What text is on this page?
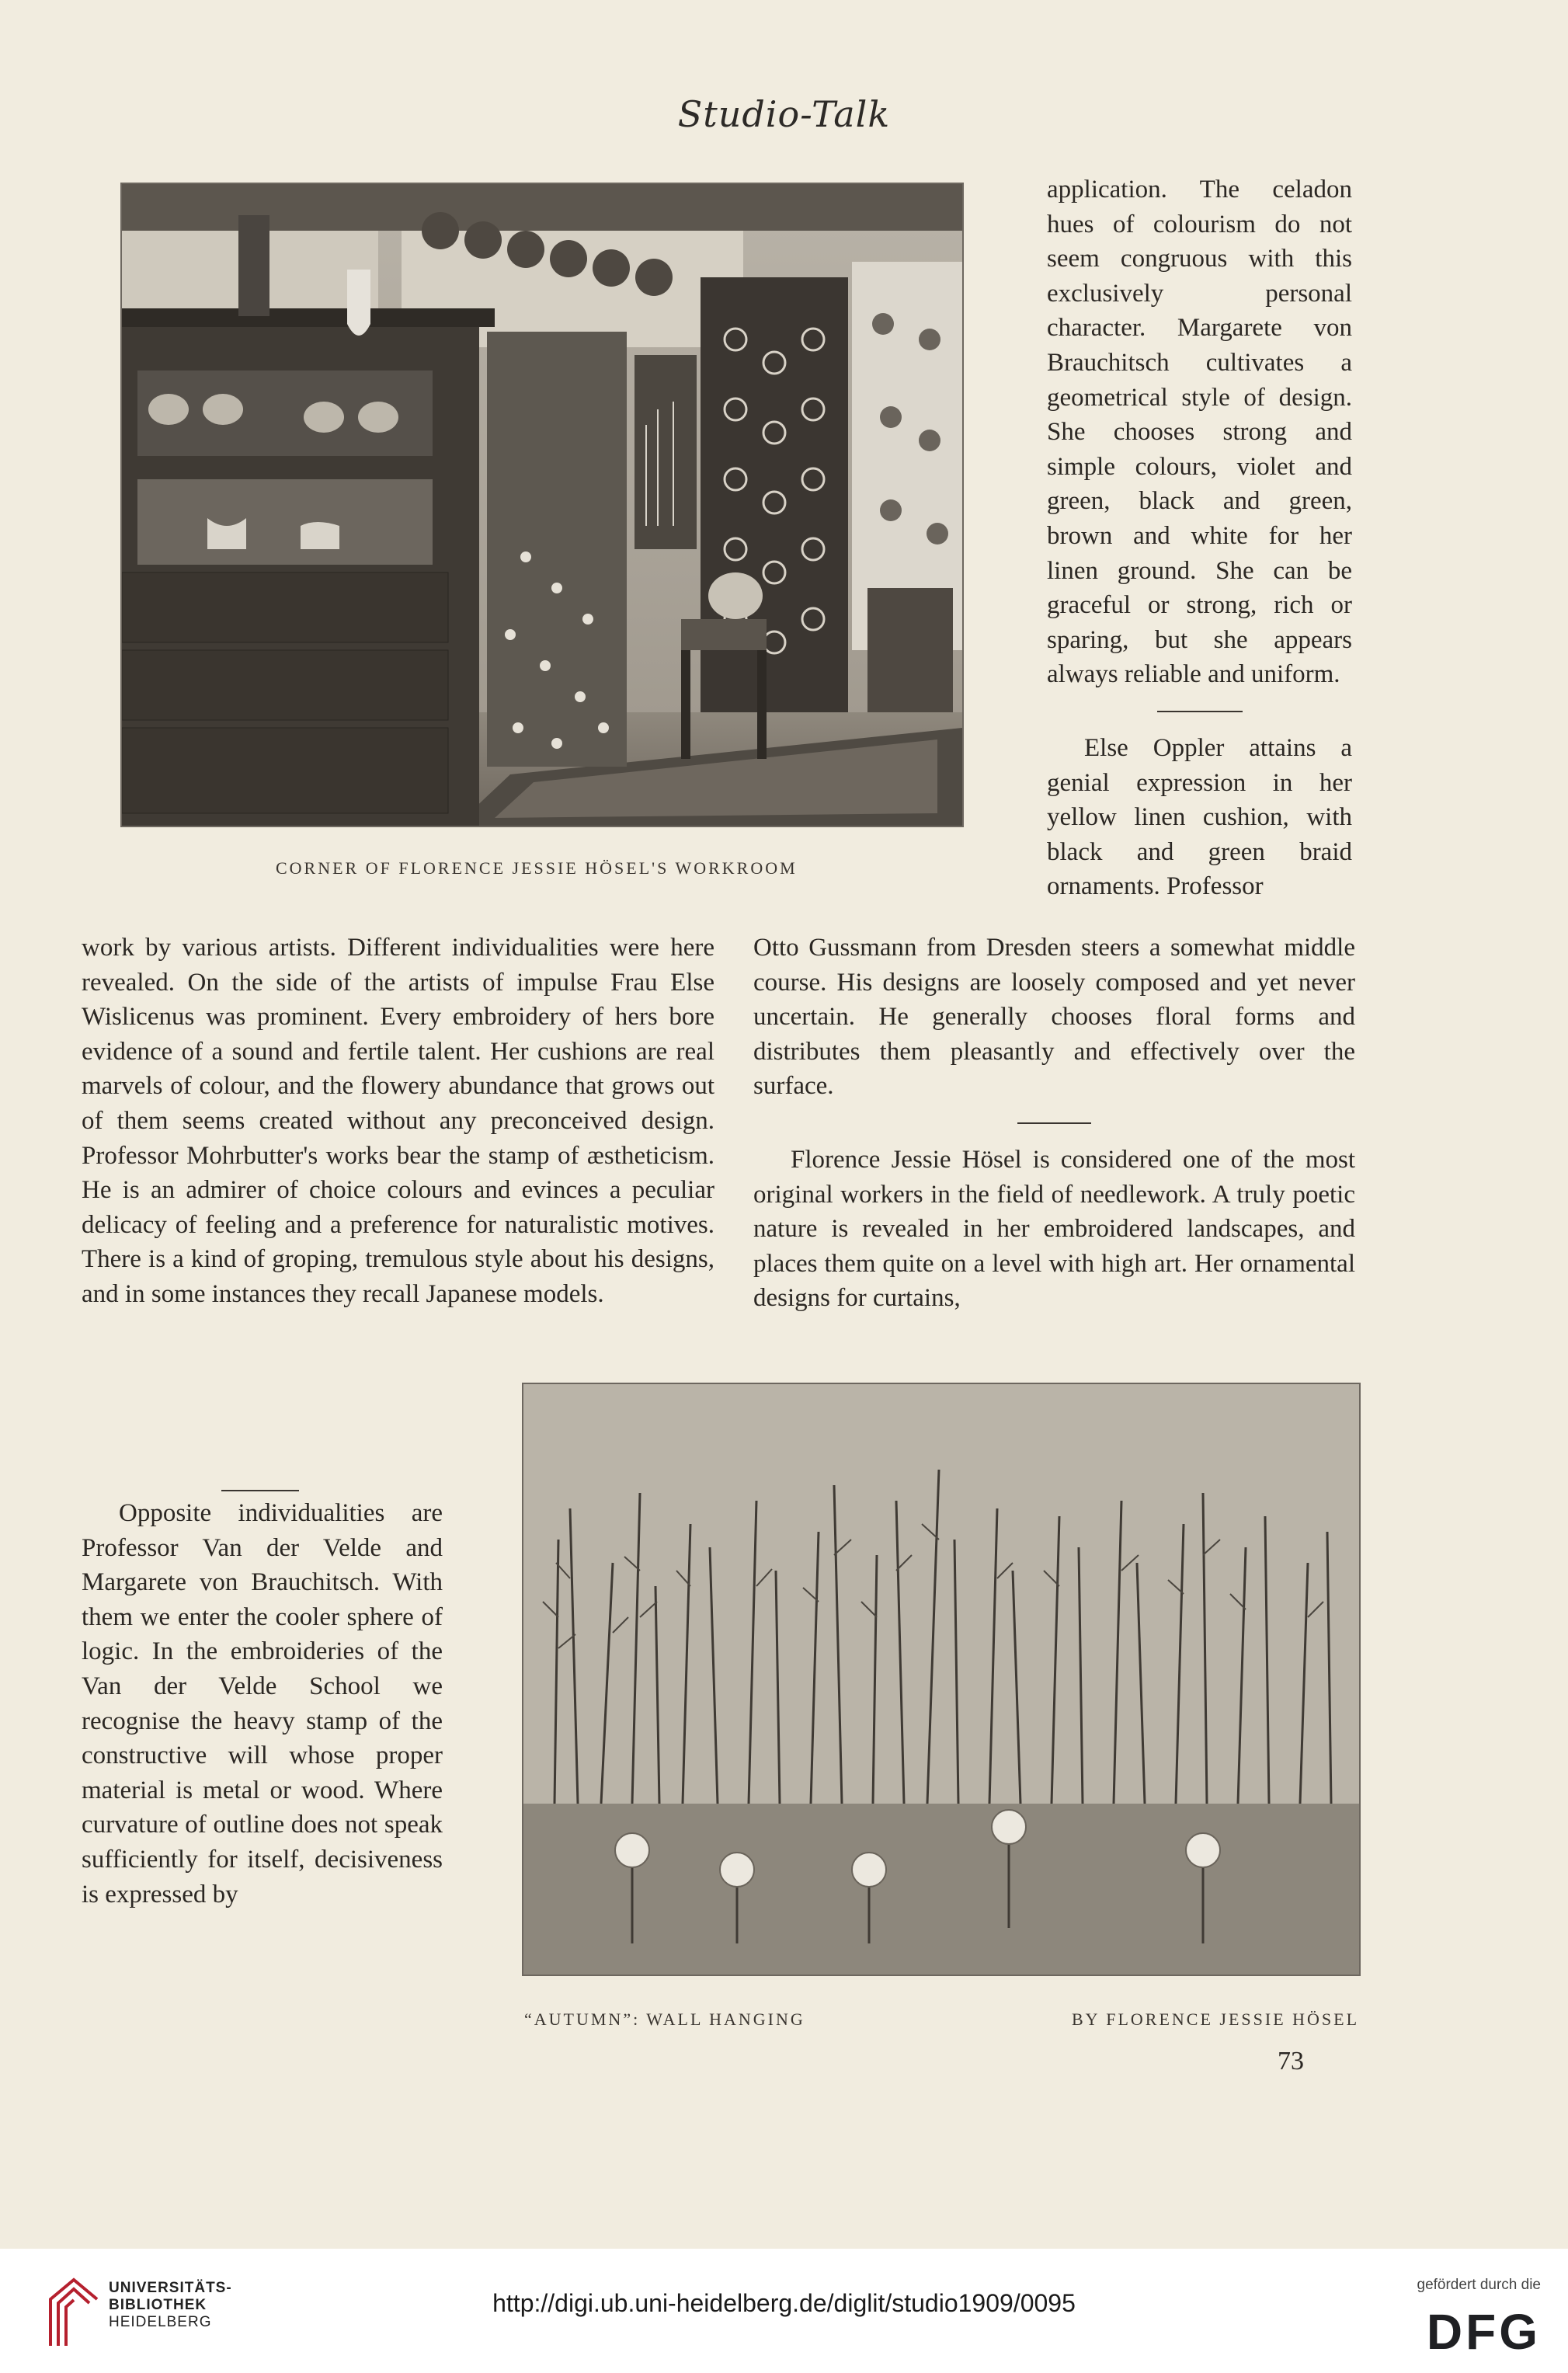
Studio-Talk
CORNER OF FLORENCE JESSIE HÖSEL'S WORKROOM

application. The celadon hues of colourism do not seem congruous with this exclusively personal character. Margarete von Brauchitsch cultivates a geometrical style of design. She chooses strong and simple colours, violet and green, black and green, brown and white for her linen ground. She can be graceful or strong, rich or sparing, but she appears always reliable and uniform.

Else Oppler attains a genial expression in her yellow linen cushion, with black and green braid ornaments. Professor

work by various artists. Different individualities were here revealed. On the side of the artists of impulse Frau Else Wislicenus was prominent. Every embroidery of hers bore evidence of a sound and fertile talent. Her cushions are real marvels of colour, and the flowery abundance that grows out of them seems created without any preconceived design. Professor Mohrbutter's works bear the stamp of æstheticism. He is an admirer of choice colours and evinces a peculiar delicacy of feeling and a preference for naturalistic motives. There is a kind of groping, tremulous style about his designs, and in some instances they recall Japanese models.

Opposite individualities are Professor Van der Velde and Margarete von Brauchitsch. With them we enter the cooler sphere of logic. In the embroideries of the Van der Velde School we recognise the heavy stamp of the constructive will whose proper material is metal or wood. Where curvature of outline does not speak sufficiently for itself, decisiveness is expressed by

Otto Gussmann from Dresden steers a somewhat middle course. His designs are loosely composed and yet never uncertain. He generally chooses floral forms and distributes them pleasantly and effectively over the surface.

Florence Jessie Hösel is considered one of the most original workers in the field of needlework. A truly poetic nature is revealed in her embroidered landscapes, and places them quite on a level with high art. Her ornamental designs for curtains,

“AUTUMN”: WALL HANGING	BY FLORENCE JESSIE HÖSEL
73
UNIVERSITÄTS-
BIBLIOTHEK
HEIDELBERG
http://digi.ub.uni-heidelberg.de/diglit/studio1909/0095
gefördert durch die
DFG
